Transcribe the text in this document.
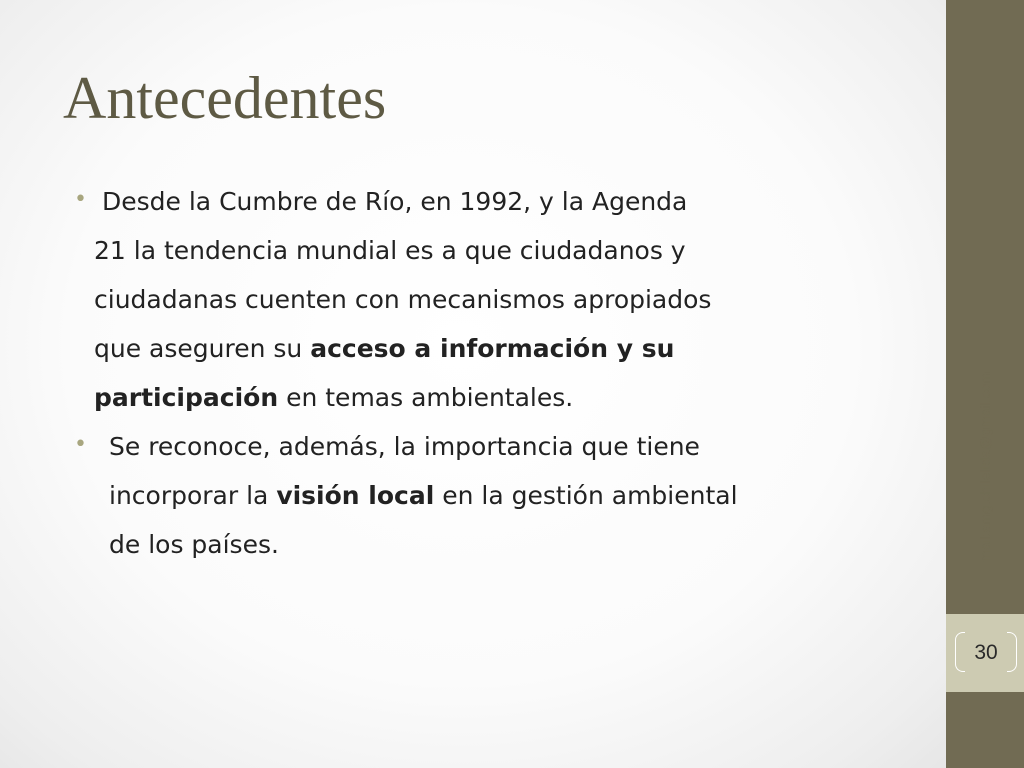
Antecedentes
• Desde la Cumbre de Río, en 1992, y la Agenda
21 la tendencia mundial es a que ciudadanos y
ciudadanas cuenten con mecanismos apropiados
que aseguren su acceso a información y su
participación en temas ambientales.
• Se reconoce, además, la importancia que tiene
incorporar la visión local en la gestión ambiental
de los países.	mail:amg.chileltda@gmail.com
30
